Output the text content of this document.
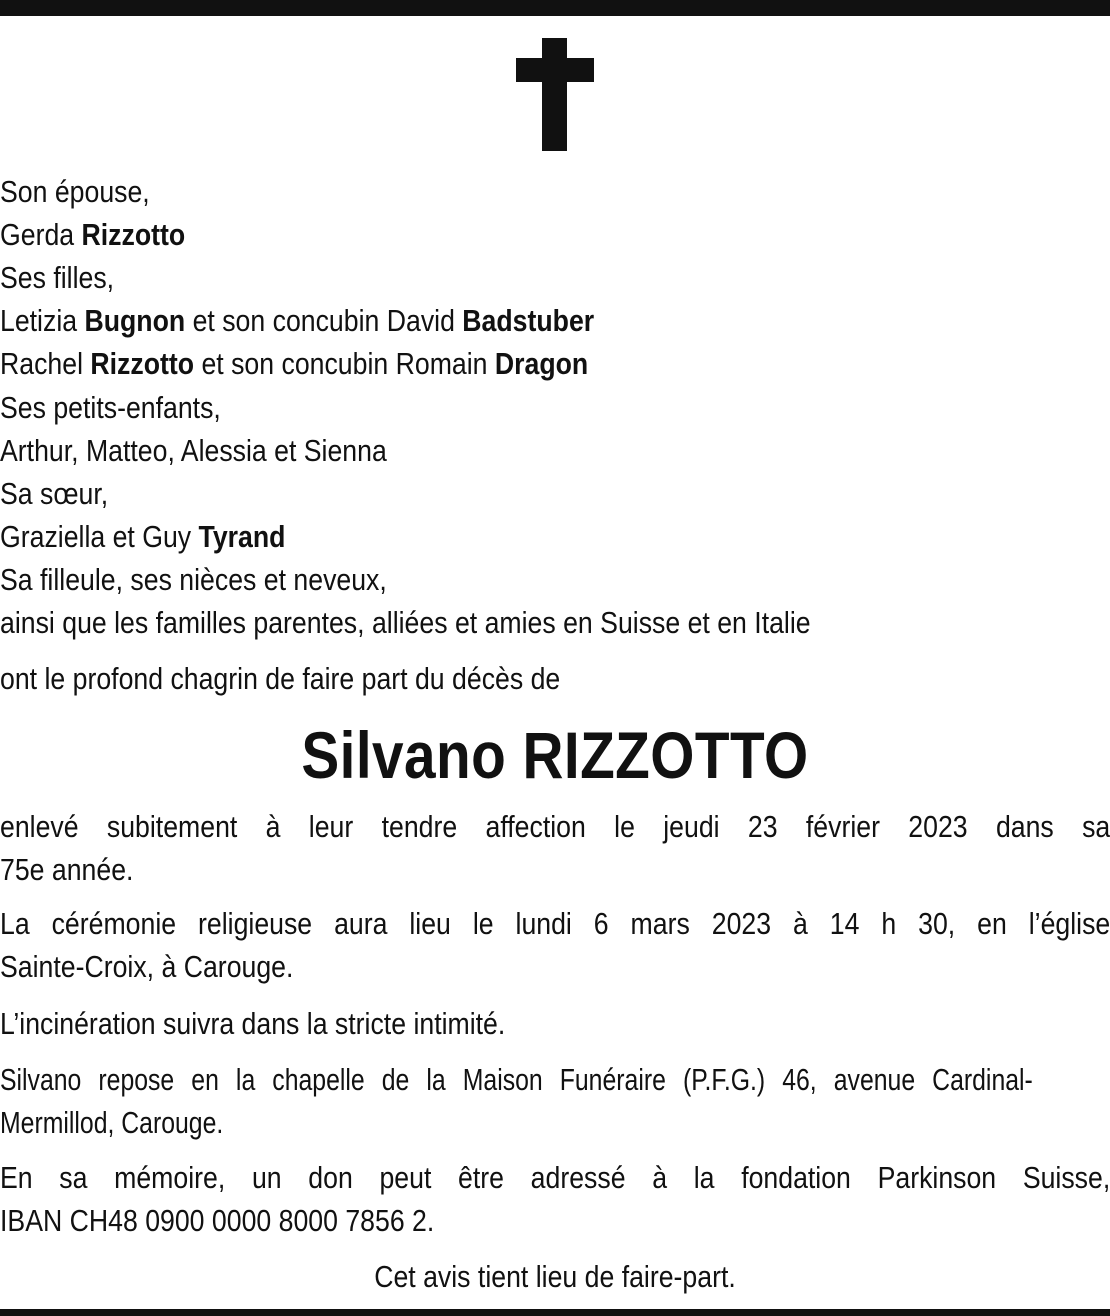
Son épouse,
Gerda Rizzotto
Ses filles,
Letizia Bugnon et son concubin David Badstuber
Rachel Rizzotto et son concubin Romain Dragon
Ses petits-enfants,
Arthur, Matteo, Alessia et Sienna
Sa sœur,
Graziella et Guy Tyrand
Sa filleule, ses nièces et neveux,
ainsi que les familles parentes, alliées et amies en Suisse et en Italie
ont le profond chagrin de faire part du décès de
Silvano RIZZOTTO
enlevé subitement à leur tendre affection le jeudi 23 février 2023 dans sa
75e année.
La cérémonie religieuse aura lieu le lundi 6 mars 2023 à 14 h 30, en l’église
Sainte-Croix, à Carouge.
L’incinération suivra dans la stricte intimité.
Silvano repose en la chapelle de la Maison Funéraire (P.F.G.) 46, avenue Cardinal-
Mermillod, Carouge.
En sa mémoire, un don peut être adressé à la fondation Parkinson Suisse,
IBAN CH48 0900 0000 8000 7856 2.
Cet avis tient lieu de faire-part.
